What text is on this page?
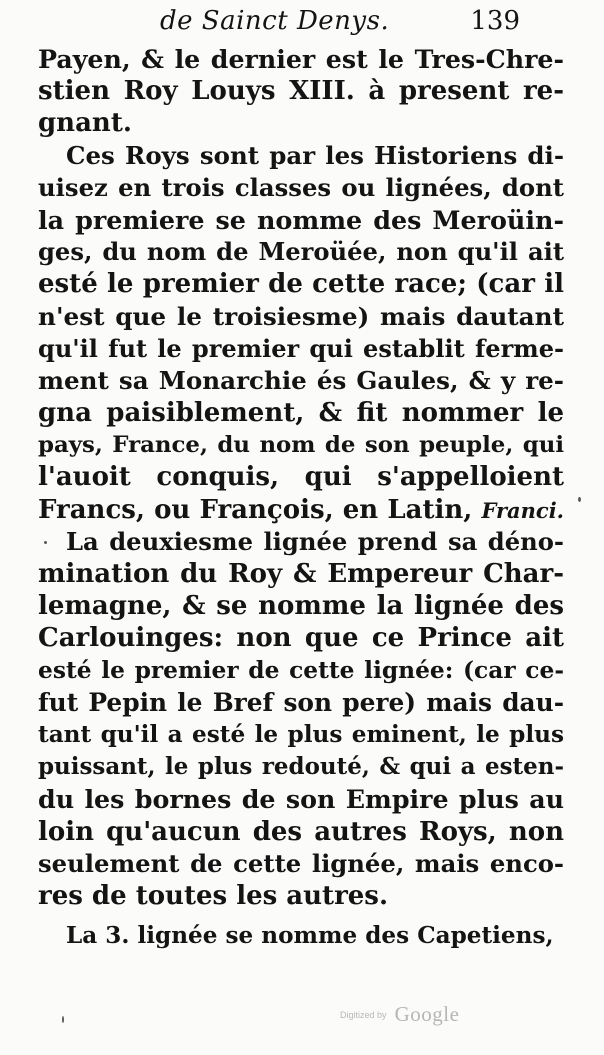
de Sainct Denys.	139
Payen, & le dernier est le Tres-Chre-
stien Roy Louys XIII. à present re-
gnant.
Ces Roys sont par les Historiens di-
uisez en trois classes ou lignées, dont
la premiere se nomme des Meroüin-
ges, du nom de Meroüée, non qu'il ait
esté le premier de cette race; (car il
n'est que le troisiesme) mais dautant
qu'il fut le premier qui establit ferme-
ment sa Monarchie és Gaules, & y re-
gna paisiblement, & fit nommer le
pays, France, du nom de son peuple, qui
l'auoit conquis, qui s'appelloient
Francs, ou François, en Latin, Franci.
La deuxiesme lignée prend sa déno-
mination du Roy & Empereur Char-
lemagne, & se nomme la lignée des
Carlouinges: non que ce Prince ait
esté le premier de cette lignée: (car ce-
fut Pepin le Bref son pere) mais dau-
tant qu'il a esté le plus eminent, le plus
puissant, le plus redouté, & qui a esten-
du les bornes de son Empire plus au
loin qu'aucun des autres Roys, non
seulement de cette lignée, mais enco-
res de toutes les autres.
La 3. lignée se nomme des Capetiens,
Digitized by Google
